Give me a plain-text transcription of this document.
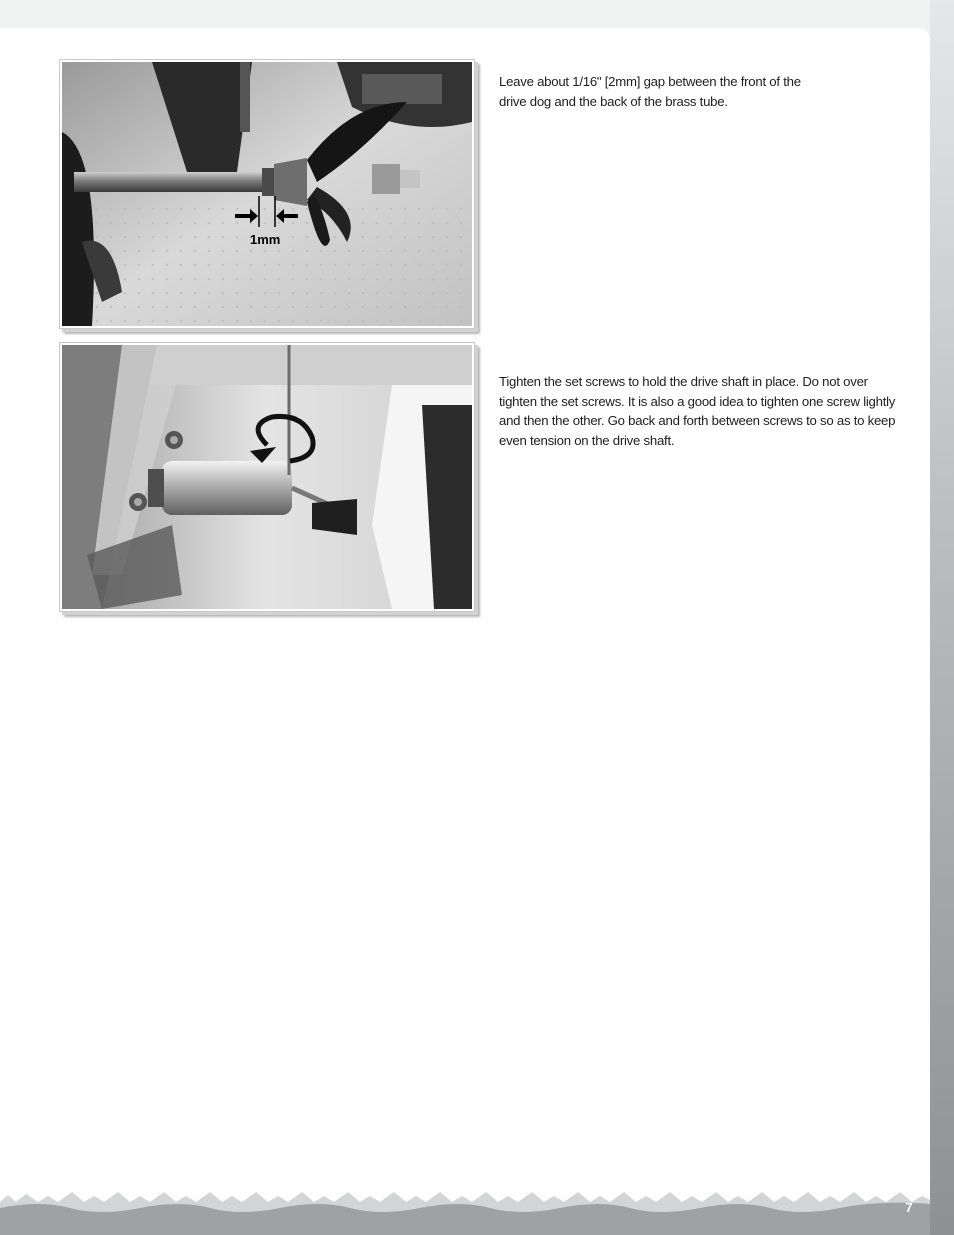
1mm

Leave about 1/16" [2mm] gap between the front of the drive dog and the back of the brass tube.

Tighten the set screws to hold the drive shaft in place. Do not over tighten the set screws. It is also a good idea to tighten one screw lightly and then the other. Go back and forth between screws to so as to keep even tension on the drive shaft.

7
